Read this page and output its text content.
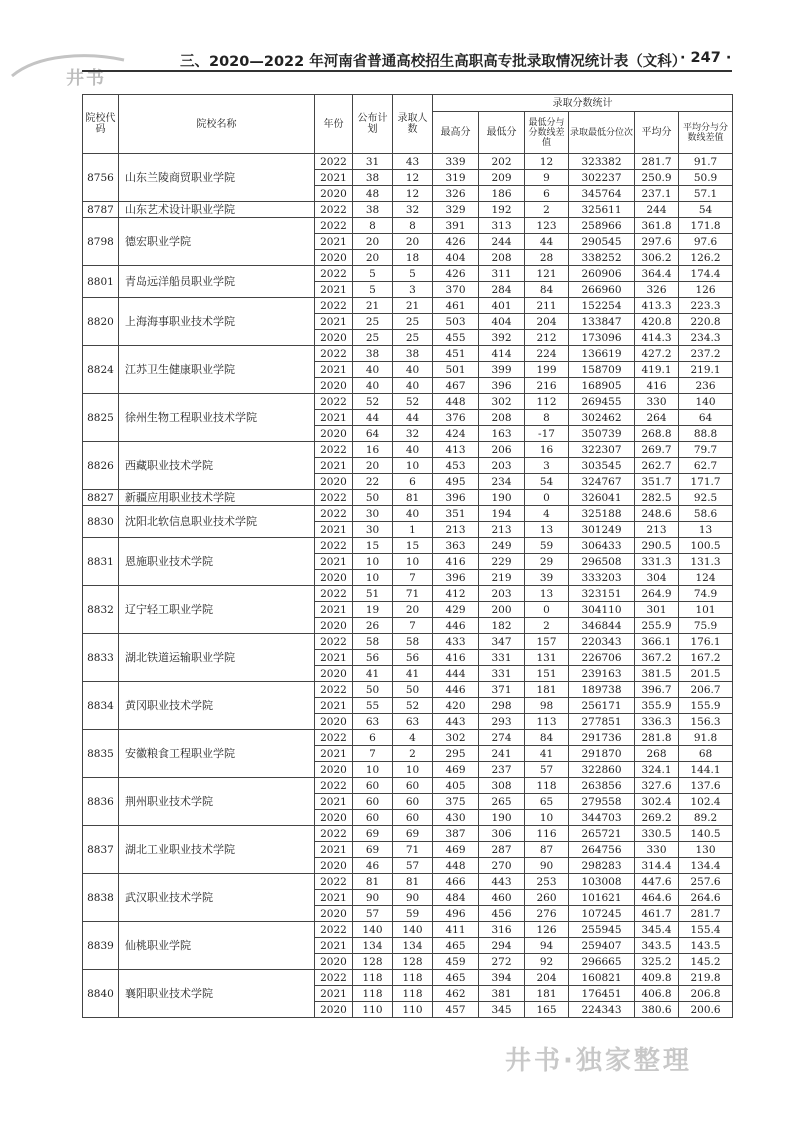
井书
三、2020—2022 年河南省普通高校招生高职高专批录取情况统计表（文科）
· 247 ·
院校代码	院校名称	年份	公布计划	录取人数	录取分数统计					
					最高分	最低分	最低分与分数线差值	录取最低分位次	平均分	平均分与分数线差值
8756	山东兰陵商贸职业学院	2022	31	43	339	202	12	323382	281.7	91.7
		2021	38	12	319	209	9	302237	250.9	50.9
		2020	48	12	326	186	6	345764	237.1	57.1
8787	山东艺术设计职业学院	2022	38	32	329	192	2	325611	244	54
8798	德宏职业学院	2022	8	8	391	313	123	258966	361.8	171.8
		2021	20	20	426	244	44	290545	297.6	97.6
		2020	20	18	404	208	28	338252	306.2	126.2
8801	青岛远洋船员职业学院	2022	5	5	426	311	121	260906	364.4	174.4
		2021	5	3	370	284	84	266960	326	126
8820	上海海事职业技术学院	2022	21	21	461	401	211	152254	413.3	223.3
		2021	25	25	503	404	204	133847	420.8	220.8
		2020	25	25	455	392	212	173096	414.3	234.3
8824	江苏卫生健康职业学院	2022	38	38	451	414	224	136619	427.2	237.2
		2021	40	40	501	399	199	158709	419.1	219.1
		2020	40	40	467	396	216	168905	416	236
8825	徐州生物工程职业技术学院	2022	52	52	448	302	112	269455	330	140
		2021	44	44	376	208	8	302462	264	64
		2020	64	32	424	163	-17	350739	268.8	88.8
8826	西藏职业技术学院	2022	16	40	413	206	16	322307	269.7	79.7
		2021	20	10	453	203	3	303545	262.7	62.7
		2020	22	6	495	234	54	324767	351.7	171.7
8827	新疆应用职业技术学院	2022	50	81	396	190	0	326041	282.5	92.5
8830	沈阳北软信息职业技术学院	2022	30	40	351	194	4	325188	248.6	58.6
		2021	30	1	213	213	13	301249	213	13
8831	恩施职业技术学院	2022	15	15	363	249	59	306433	290.5	100.5
		2021	10	10	416	229	29	296508	331.3	131.3
		2020	10	7	396	219	39	333203	304	124
8832	辽宁轻工职业学院	2022	51	71	412	203	13	323151	264.9	74.9
		2021	19	20	429	200	0	304110	301	101
		2020	26	7	446	182	2	346844	255.9	75.9
8833	湖北铁道运输职业学院	2022	58	58	433	347	157	220343	366.1	176.1
		2021	56	56	416	331	131	226706	367.2	167.2
		2020	41	41	444	331	151	239163	381.5	201.5
8834	黄冈职业技术学院	2022	50	50	446	371	181	189738	396.7	206.7
		2021	55	52	420	298	98	256171	355.9	155.9
		2020	63	63	443	293	113	277851	336.3	156.3
8835	安徽粮食工程职业学院	2022	6	4	302	274	84	291736	281.8	91.8
		2021	7	2	295	241	41	291870	268	68
		2020	10	10	469	237	57	322860	324.1	144.1
8836	荆州职业技术学院	2022	60	60	405	308	118	263856	327.6	137.6
		2021	60	60	375	265	65	279558	302.4	102.4
		2020	60	60	430	190	10	344703	269.2	89.2
8837	湖北工业职业技术学院	2022	69	69	387	306	116	265721	330.5	140.5
		2021	69	71	469	287	87	264756	330	130
		2020	46	57	448	270	90	298283	314.4	134.4
8838	武汉职业技术学院	2022	81	81	466	443	253	103008	447.6	257.6
		2021	90	90	484	460	260	101621	464.6	264.6
		2020	57	59	496	456	276	107245	461.7	281.7
8839	仙桃职业学院	2022	140	140	411	316	126	255945	345.4	155.4
		2021	134	134	465	294	94	259407	343.5	143.5
		2020	128	128	459	272	92	296665	325.2	145.2
8840	襄阳职业技术学院	2022	118	118	465	394	204	160821	409.8	219.8
		2021	118	118	462	381	181	176451	406.8	206.8
		2020	110	110	457	345	165	224343	380.6	200.6
井书·独家整理
